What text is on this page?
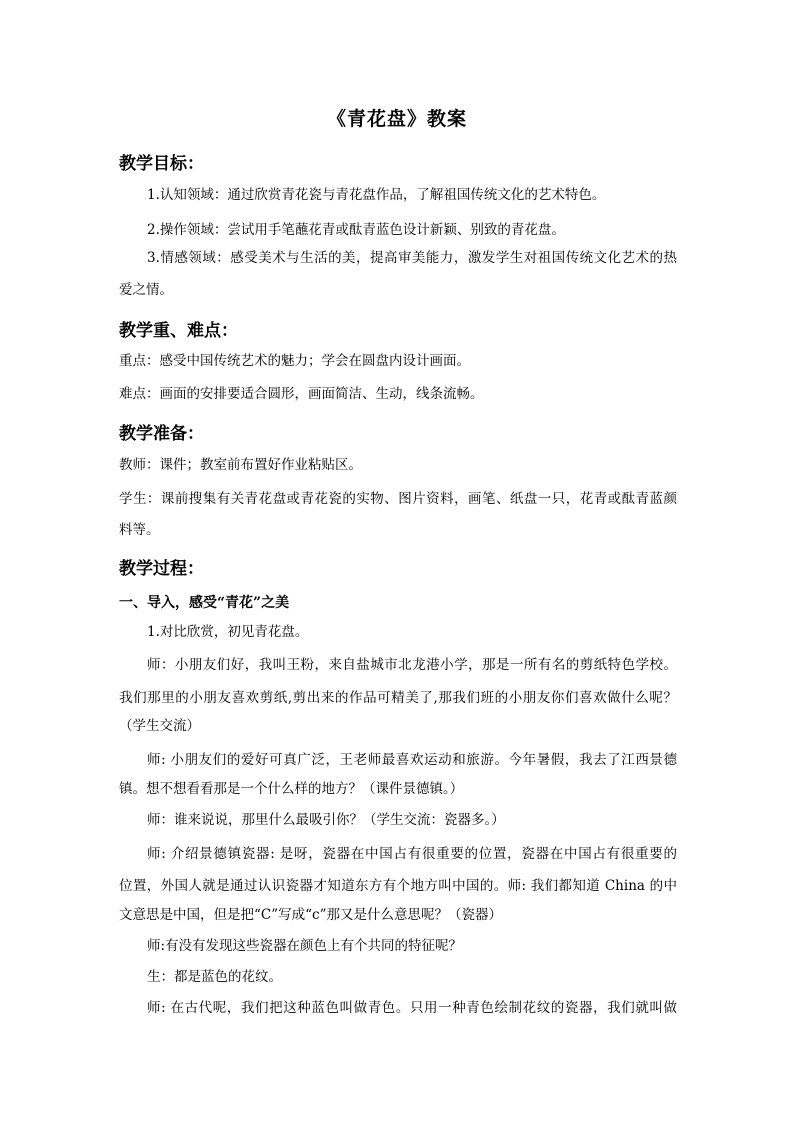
《青花盘》教案
教学目标：
1.认知领域：通过欣赏青花瓷与青花盘作品，了解祖国传统文化的艺术特色。
2.操作领域：尝试用手笔蘸花青或酞青蓝色设计新颖、别致的青花盘。
3.情感领域：感受美术与生活的美，提高审美能力，激发学生对祖国传统文化艺术的热
爱之情。
教学重、难点：
重点：感受中国传统艺术的魅力；学会在圆盘内设计画面。
难点：画面的安排要适合圆形，画面简洁、生动，线条流畅。
教学准备：
教师：课件；教室前布置好作业粘贴区。
学生：课前搜集有关青花盘或青花瓷的实物、图片资料，画笔、纸盘一只，花青或酞青蓝颜
料等。
教学过程：
一、导入，感受“青花”之美
1.对比欣赏，初见青花盘。
师：小朋友们好，我叫王粉，来自盐城市北龙港小学，那是一所有名的剪纸特色学校。
我们那里的小朋友喜欢剪纸,剪出来的作品可精美了,那我们班的小朋友你们喜欢做什么呢？
（学生交流）
师: 小朋友们的爱好可真广泛，王老师最喜欢运动和旅游。今年暑假，我去了江西景德
镇。想不想看看那是一个什么样的地方？（课件景德镇。）
师：谁来说说，那里什么最吸引你？（学生交流：瓷器多。）
师: 介绍景德镇瓷器: 是呀，瓷器在中国占有很重要的位置，瓷器在中国占有很重要的
位置，外国人就是通过认识瓷器才知道东方有个地方叫中国的。师: 我们都知道 China 的中
文意思是中国，但是把“C”写成“c”那又是什么意思呢？（瓷器）
师:有没有发现这些瓷器在颜色上有个共同的特征呢？
生：都是蓝色的花纹。
师: 在古代呢，我们把这种蓝色叫做青色。只用一种青色绘制花纹的瓷器，我们就叫做
